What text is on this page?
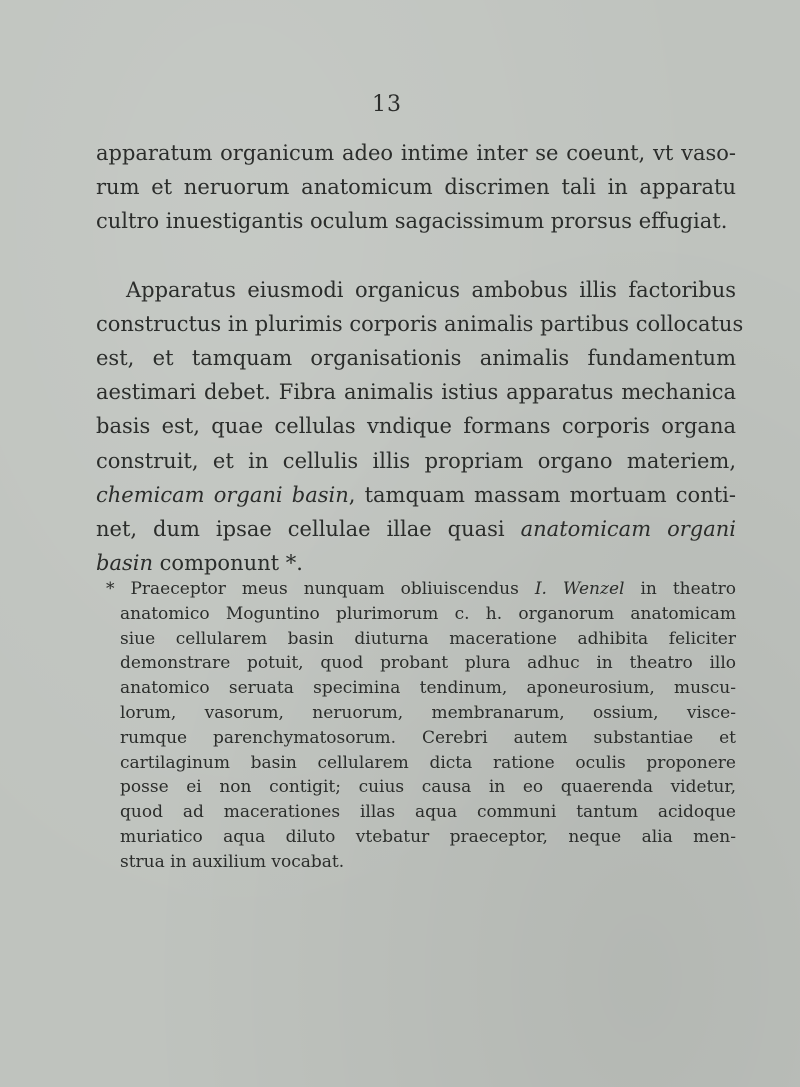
13
apparatum organicum adeo intime inter se coeunt, vt vaso-
rum et neruorum anatomicum discrimen tali in apparatu
cultro inuestigantis oculum sagacissimum prorsus effugiat.
Apparatus eiusmodi organicus ambobus illis factoribus
constructus in plurimis corporis animalis partibus collocatus
est, et tamquam organisationis animalis fundamentum
aestimari debet. Fibra animalis istius apparatus mechanica
basis est, quae cellulas vndique formans corporis organa
construit, et in cellulis illis propriam organo materiem,
chemicam organi basin, tamquam massam mortuam conti-
net, dum ipsae cellulae illae quasi anatomicam organi
basin componunt *.
* Praeceptor meus nunquam obliuiscendus I. Wenzel in theatro
anatomico Moguntino plurimorum c. h. organorum anatomicam
siue cellularem basin diuturna maceratione adhibita feliciter
demonstrare potuit, quod probant plura adhuc in theatro illo
anatomico seruata specimina tendinum, aponeurosium, muscu-
lorum, vasorum, neruorum, membranarum, ossium, visce-
rumque parenchymatosorum. Cerebri autem substantiae et
cartilaginum basin cellularem dicta ratione oculis proponere
posse ei non contigit; cuius causa in eo quaerenda videtur,
quod ad macerationes illas aqua communi tantum acidoque
muriatico aqua diluto vtebatur praeceptor, neque alia men-
strua in auxilium vocabat.
